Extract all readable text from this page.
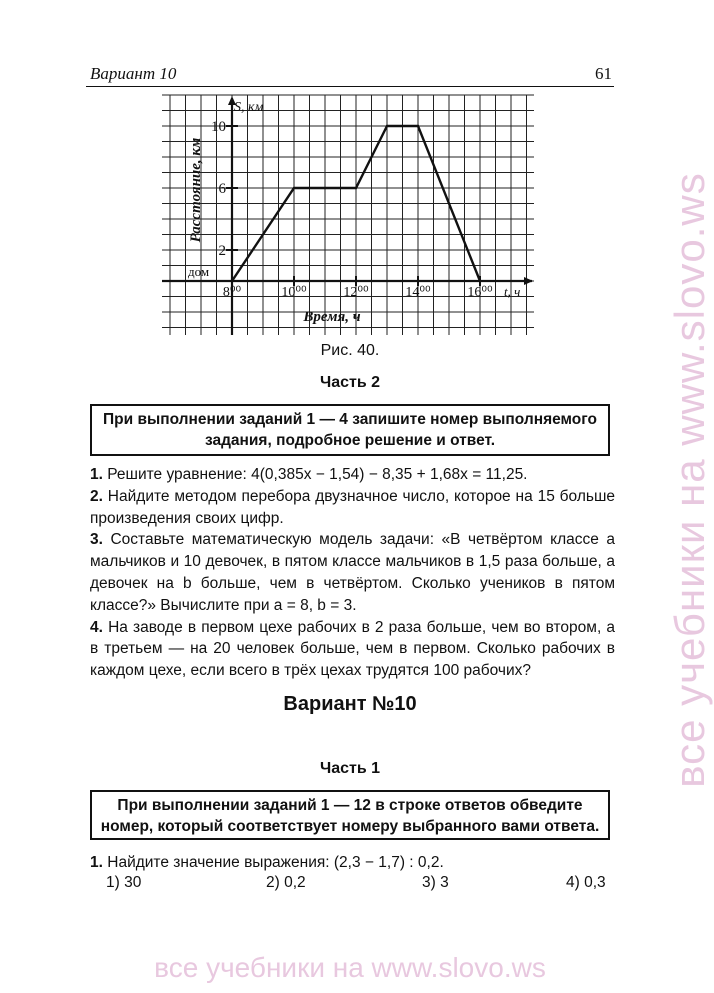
Вариант 10	61
2
6
10
8⁰⁰	10⁰⁰	12⁰⁰	14⁰⁰	16⁰⁰
S, км
t, ч
дом
Время, ч
Расстояние, км
Рис. 40.
Часть 2
При выполнении заданий 1 — 4 запишите номер выполняемого задания, подробное решение и ответ.

1. Решите уравнение: 4(0,385x − 1,54) − 8,35 + 1,68x = 11,25.

2. Найдите методом перебора двузначное число, которое на 15 больше произведения своих цифр.

3. Составьте математическую модель задачи: «В четвёртом классе a мальчиков и 10 девочек, в пятом классе мальчиков в 1,5 раза больше, а девочек на b больше, чем в четвёртом. Сколько учеников в пятом классе?» Вычислите при a = 8, b = 3.

4. На заводе в первом цехе рабочих в 2 раза больше, чем во втором, а в третьем — на 20 человек больше, чем в первом. Сколько рабочих в каждом цехе, если всего в трёх цехах трудятся 100 рабочих?

Вариант №10
Часть 1
При выполнении заданий 1 — 12 в строке ответов обведите номер, который соответствует номеру выбранного вами ответа.
1. Найдите значение выражения: (2,3 − 1,7) : 0,2.
1) 30	2) 0,2	3) 3	4) 0,3
все учебники на www.slovo.ws
все учебники на www.slovo.ws
